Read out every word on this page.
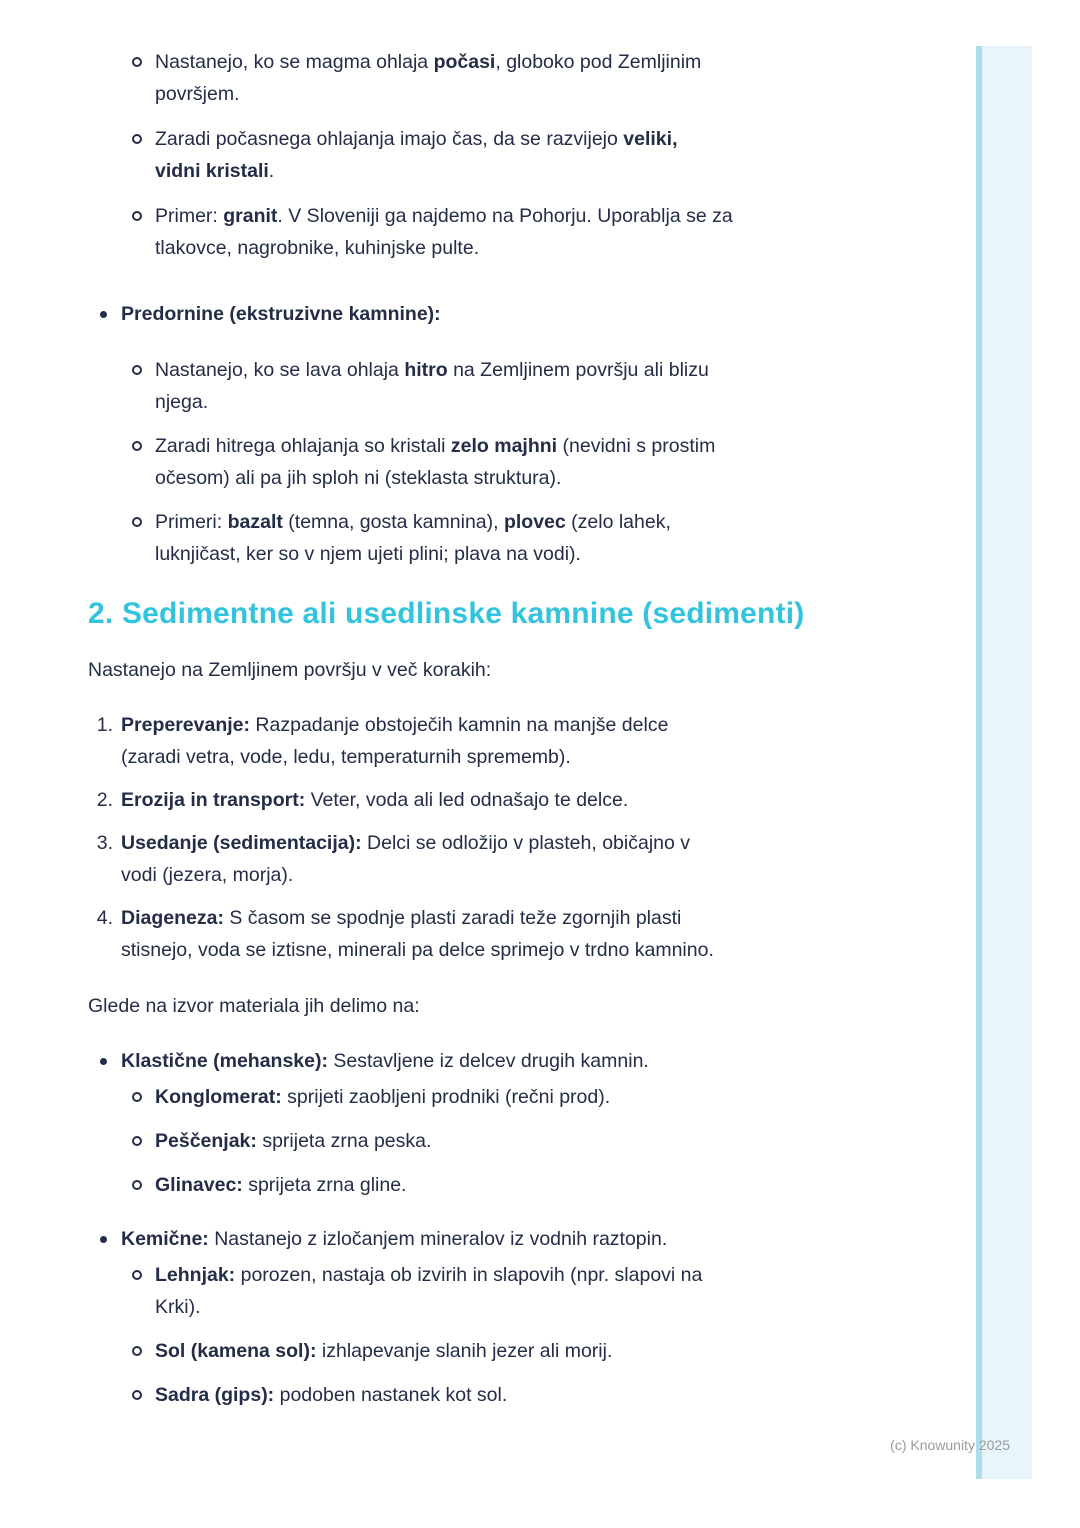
Nastanejo, ko se magma ohlaja počasi, globoko pod Zemljinim
površjem.
Zaradi počasnega ohlajanja imajo čas, da se razvijejo veliki,
vidni kristali.
Primer: granit. V Sloveniji ga najdemo na Pohorju. Uporablja se za
tlakovce, nagrobnike, kuhinjske pulte.
Predornine (ekstruzivne kamnine):
Nastanejo, ko se lava ohlaja hitro na Zemljinem površju ali blizu
njega.
Zaradi hitrega ohlajanja so kristali zelo majhni (nevidni s prostim
očesom) ali pa jih sploh ni (steklasta struktura).
Primeri: bazalt (temna, gosta kamnina), plovec (zelo lahek,
luknjičast, ker so v njem ujeti plini; plava na vodi).
2. Sedimentne ali usedlinske kamnine (sedimenti)

Nastanejo na Zemljinem površju v več korakih:

1. Preperevanje: Razpadanje obstoječih kamnin na manjše delce
(zaradi vetra, vode, ledu, temperaturnih sprememb).
2. Erozija in transport: Veter, voda ali led odnašajo te delce.
3. Usedanje (sedimentacija): Delci se odložijo v plasteh, običajno v
vodi (jezera, morja).
4. Diageneza: S časom se spodnje plasti zaradi teže zgornjih plasti
stisnejo, voda se iztisne, minerali pa delce sprimejo v trdno kamnino.

Glede na izvor materiala jih delimo na:

Klastične (mehanske): Sestavljene iz delcev drugih kamnin.
Konglomerat: sprijeti zaobljeni prodniki (rečni prod).
Peščenjak: sprijeta zrna peska.
Glinavec: sprijeta zrna gline.
Kemične: Nastanejo z izločanjem mineralov iz vodnih raztopin.
Lehnjak: porozen, nastaja ob izvirih in slapovih (npr. slapovi na
Krki).
Sol (kamena sol): izhlapevanje slanih jezer ali morij.
Sadra (gips): podoben nastanek kot sol.
(c) Knowunity 2025
